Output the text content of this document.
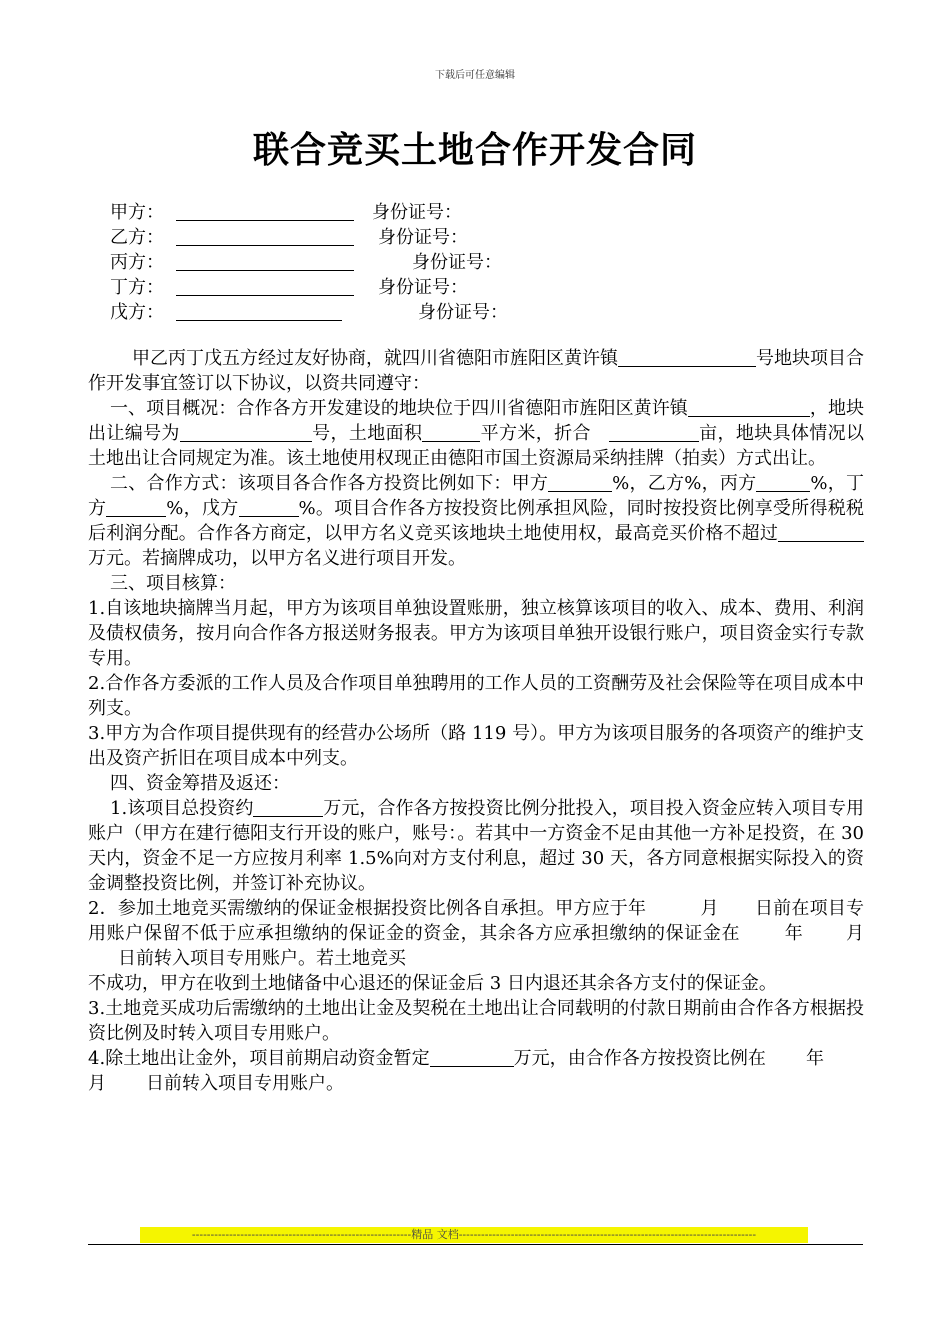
下载后可任意编辑
联合竞买土地合作开发合同
甲方：	身份证号：
乙方：	身份证号：
丙方：	身份证号：
丁方：	身份证号：
戊方：	身份证号：

甲乙丙丁戊五方经过友好协商，就四川省德阳市旌阳区黄许镇	号地块项目合作开发事宜签订以下协议，以资共同遵守：

一、项目概况：合作各方开发建设的地块位于四川省德阳市旌阳区黄许镇	，地块出让编号为	号，土地面积	平方米，折合	亩，地块具体情况以土地出让合同规定为准。该土地使用权现正由德阳市国土资源局采纳挂牌（拍卖）方式出让。

二、合作方式：该项目各合作各方投资比例如下：甲方	%，乙方%，丙方	%，丁方	%，戊方	%。项目合作各方按投资比例承担风险，同时按投资比例享受所得税税后利润分配。合作各方商定，以甲方名义竞买该地块土地使用权，最高竞买价格不超过万元。若摘牌成功，以甲方名义进行项目开发。

三、项目核算：

1.自该地块摘牌当月起，甲方为该项目单独设置账册，独立核算该项目的收入、成本、费用、利润及债权债务，按月向合作各方报送财务报表。甲方为该项目单独开设银行账户，项目资金实行专款专用。

2.合作各方委派的工作人员及合作项目单独聘用的工作人员的工资酬劳及社会保险等在项目成本中列支。

3.甲方为合作项目提供现有的经营办公场所（路 119 号）。甲方为该项目服务的各项资产的维护支出及资产折旧在项目成本中列支。

四、资金筹措及返还：

1.该项目总投资约	万元，合作各方按投资比例分批投入，项目投入资金应转入项目专用账户（甲方在建行德阳支行开设的账户，账号：。若其中一方资金不足由其他一方补足投资，在 30 天内，资金不足一方应按月利率 1.5%向对方支付利息，超过 30 天，各方同意根据实际投入的资金调整投资比例，并签订补充协议。

2．参加土地竞买需缴纳的保证金根据投资比例各自承担。甲方应于年	月 日前在项目专用账户保留不低于应承担缴纳的保证金的资金，其余各方应承担缴纳的保证金在 年 月日前转入项目专用账户。若土地竞买
不成功，甲方在收到土地储备中心退还的保证金后 3 日内退还其余各方支付的保证金。

3.土地竞买成功后需缴纳的土地出让金及契税在土地出让合同载明的付款日期前由合作各方根据投资比例及时转入项目专用账户。

4.除土地出让金外，项目前期启动资金暂定	万元，由合作各方按投资比例在 年月 日前转入项目专用账户。

-----------------------------------------------------------精品 文档--------------------------------------------------------------------------------
